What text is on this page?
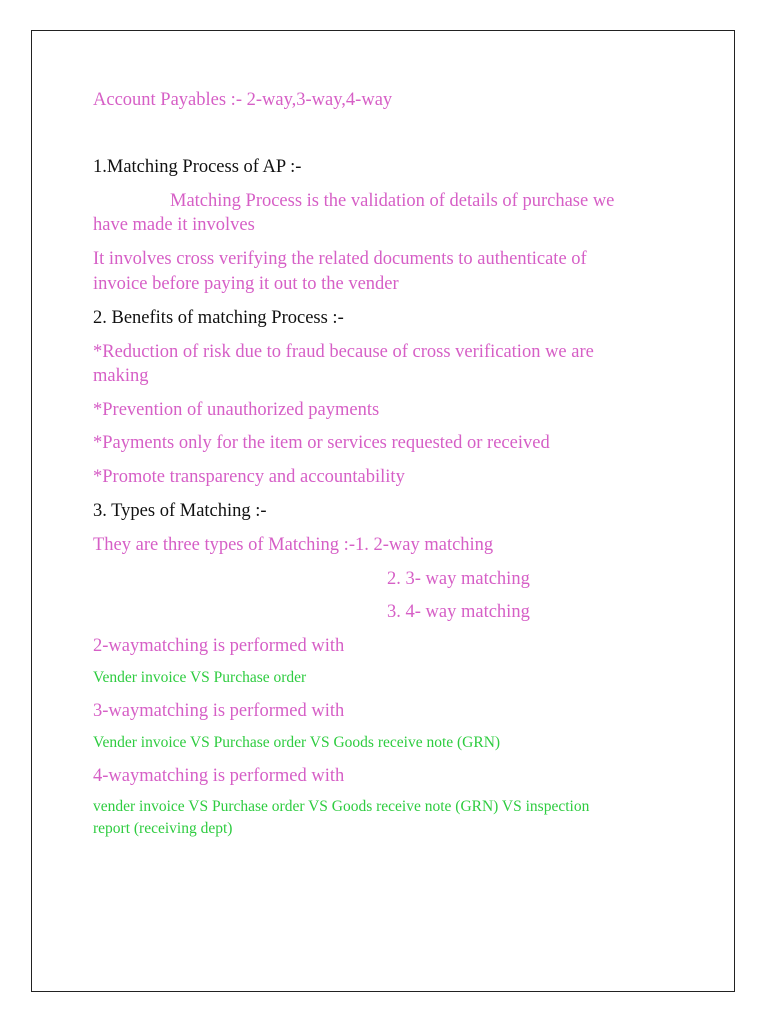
Account Payables :- 2-way,3-way,4-way
1.Matching Process of AP :-
Matching Process is the validation of details of purchase we
have made it involves
It involves cross verifying the related documents to authenticate of
invoice before paying it out to the vender
2. Benefits of matching Process :-
*Reduction of risk due to fraud because of cross verification we are
making
*Prevention of unauthorized payments
*Payments only for the item or services requested or received
*Promote transparency and accountability
3. Types of Matching :-
They are three types of Matching :-1. 2-way matching
2. 3- way matching
3. 4- way matching
2-waymatching is performed with
Vender invoice VS Purchase order
3-waymatching is performed with
Vender invoice VS Purchase order VS Goods receive note (GRN)
4-waymatching is performed with
vender invoice VS Purchase order VS Goods receive note (GRN) VS inspection
report (receiving dept)
